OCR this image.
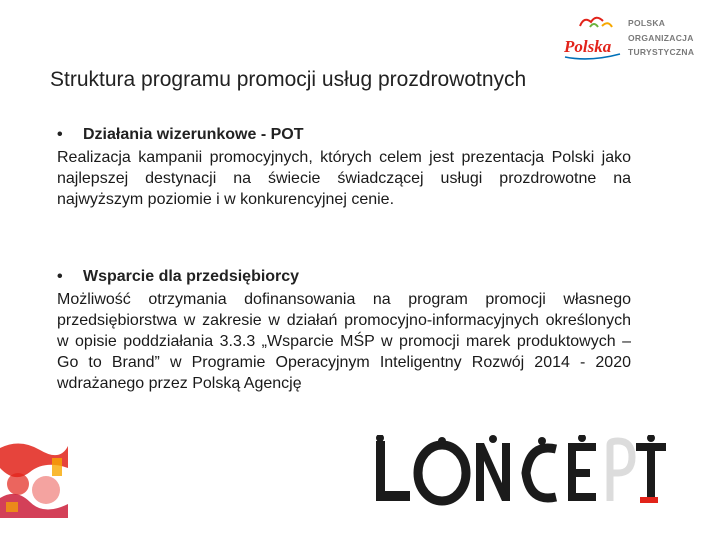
Polska
POLSKA
ORGANIZACJA
TURYSTYCZNA
Struktura programu promocji usług prozdrowotnych
• Działania wizerunkowe - POT

Realizacja kampanii promocyjnych, których celem jest prezentacja Polski jako najlepszej destynacji na świecie świadczącej usługi prozdrowotne na najwyższym poziomie i w konkurencyjnej cenie.

• Wsparcie dla przedsiębiorcy

Możliwość otrzymania dofinansowania na program promocji własnego przedsiębiorstwa w zakresie w działań promocyjno-informacyjnych określonych w opisie poddziałania 3.3.3 „Wsparcie MŚP w promocji marek produktowych – Go to Brand” w Programie Operacyjnym Inteligentny Rozwój 2014 - 2020 wdrażanego przez Polską Agencję

KONCEPT
